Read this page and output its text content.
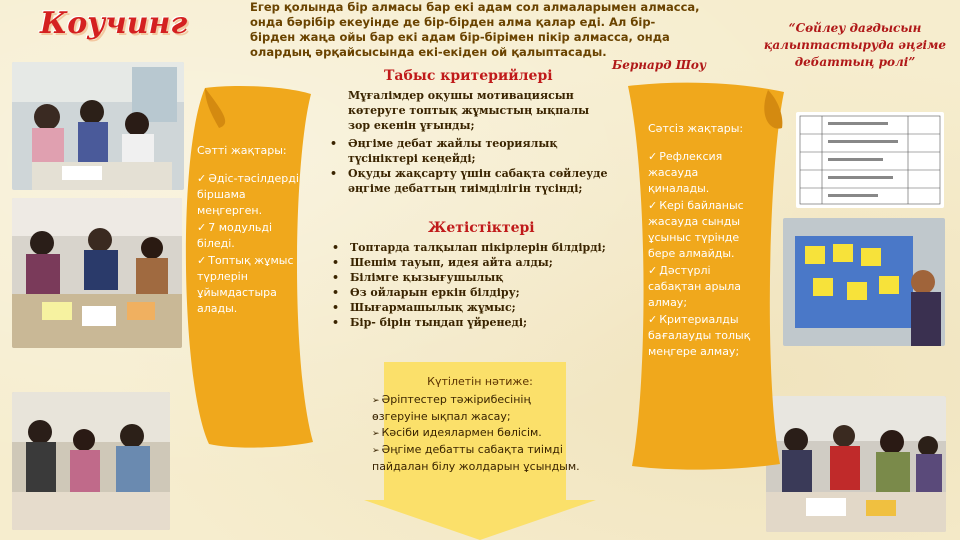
Коучинг	Егер қолында бір алмасы бар екі адам сол алмаларымен алмасса, онда бәрібір екеуінде де бір-бірден алма қалар еді. Ал бір-бірден жаңа ойы бар екі адам бір-бірімен пікір алмасса, онда олардың әрқайсысында екі-екіден ой қалыптасады.

Бернард Шоу
“Сөйлеу дағдысын қалыптастыруда әңгіме дебаттың ролі”

Сәтті жақтары:

✓ Әдіс-тәсілдерді біршама меңгерген.
✓ 7 модульді біледі.
✓ Топтық жұмыс түрлерін ұйымдастыра алады.

Сәтсіз жақтары:

✓ Рефлексия жасауда қиналады.
✓ Кері байланыс жасауда сынды ұсыныс түрінде бере алмайды.
✓ Дәстүрлі сабақтан арыла алмау;
✓ Критериалды бағалауды толық меңгере алмау;
Табыс критерийлері

Мұғалімдер оқушы мотивациясын көтеруге топтық жұмыстың ықпалы зор екенін ұғынды;

• Әңгіме дебат жайлы теориялық түсініктері кеңейді;
• Оқуды жақсарту үшін сабақта сөйлеуде әңгіме дебаттың тиімділігін түсінді;
Жетістіктері
• Топтарда талқылап пікірлерін білдірді;
• Шешім тауып, идея айта алды;
• Білімге қызығушылық
• Өз ойларын еркін білдіру;
• Шығармашылық жұмыс;
• Бір- бірін тыңдап үйренеді;

Күтілетін нәтиже:

➢ Әріптестер тәжірибесінің өзгеруіне ықпал жасау;
➢ Кәсіби идеялармен бөлісім.
➢ Әңгіме дебатты сабақта тиімді пайдалан білу жолдарын ұсындым.
